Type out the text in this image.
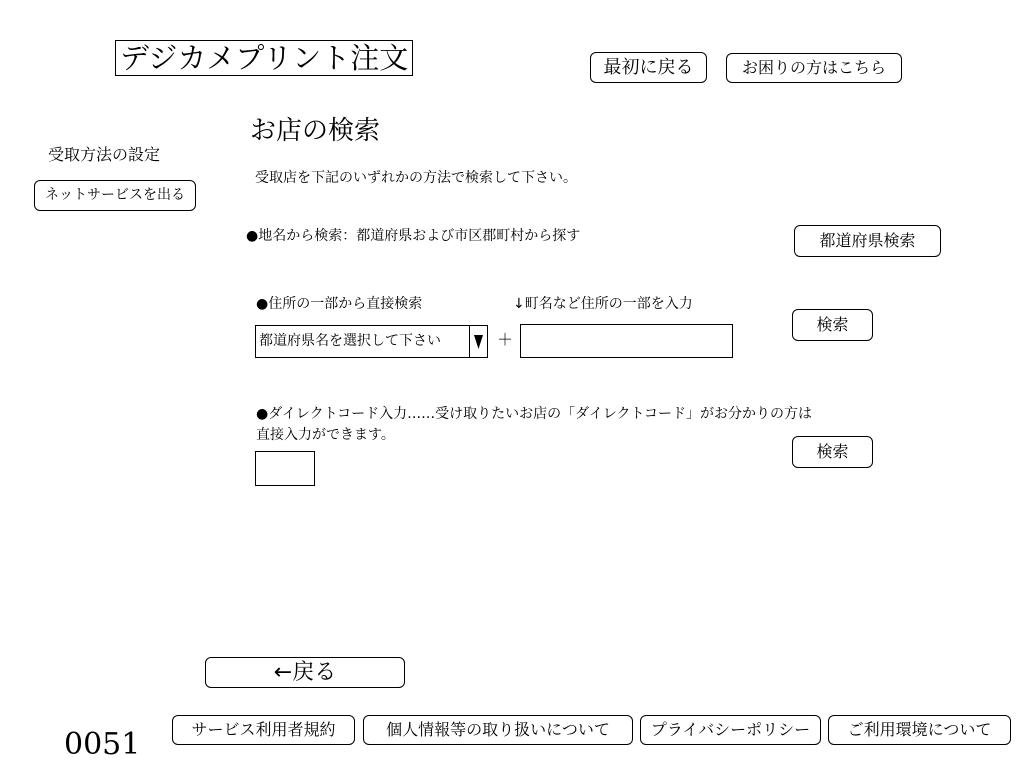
デジカメプリント注文	最初に戻る	お困りの方はこちら
受取方法の設定
ネットサービスを出る
お店の検索
受取店を下記のいずれかの方法で検索して下さい。
●地名から検索：都道府県および市区郡町村から探す	都道府県検索
●住所の一部から直接検索	↓町名など住所の一部を入力
都道府県名を選択して下さい	＋
検索
●ダイレクトコード入力……受け取りたいお店の「ダイレクトコード」がお分かりの方は
直接入力ができます。
検索
←戻る
0051	サービス利用者規約	個人情報等の取り扱いについて	プライバシーポリシー	ご利用環境について
